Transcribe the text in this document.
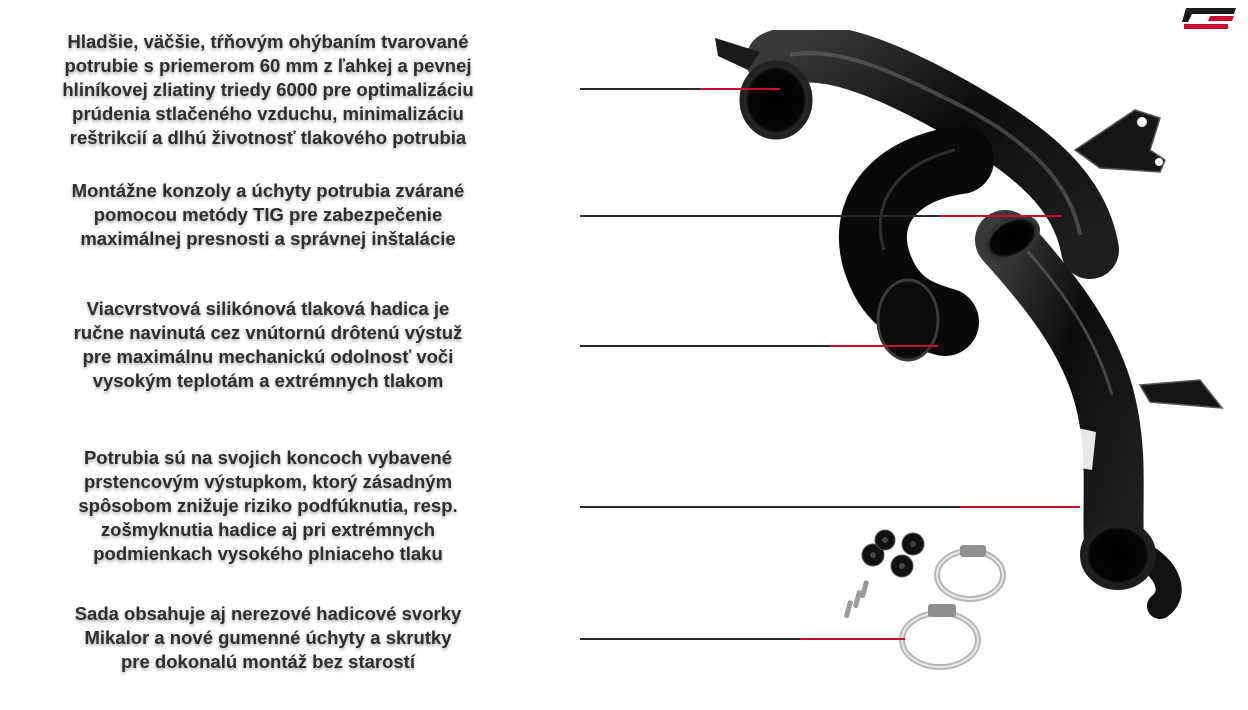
Hladšie, väčšie, tŕňovým ohýbaním tvarované
potrubie s priemerom 60 mm z ľahkej a pevnej
hliníkovej zliatiny triedy 6000 pre optimalizáciu
prúdenia stlačeného vzduchu, minimalizáciu
reštrikcií a dlhú životnosť tlakového potrubia
Montážne konzoly a úchyty potrubia zvárané
pomocou metódy TIG pre zabezpečenie
maximálnej presnosti a správnej inštalácie
Viacvrstvová silikónová tlaková hadica je
ručne navinutá cez vnútornú drôtenú výstuž
pre maximálnu mechanickú odolnosť voči
vysokým teplotám a extrémnych tlakom
Potrubia sú na svojich koncoch vybavené
prstencovým výstupkom, ktorý zásadným
spôsobom znižuje riziko podfúknutia, resp.
zošmyknutia hadice aj pri extrémnych
podmienkach vysokého plniaceho tlaku
Sada obsahuje aj nerezové hadicové svorky
Mikalor a nové gumenné úchyty a skrutky
pre dokonalú montáž bez starostí
